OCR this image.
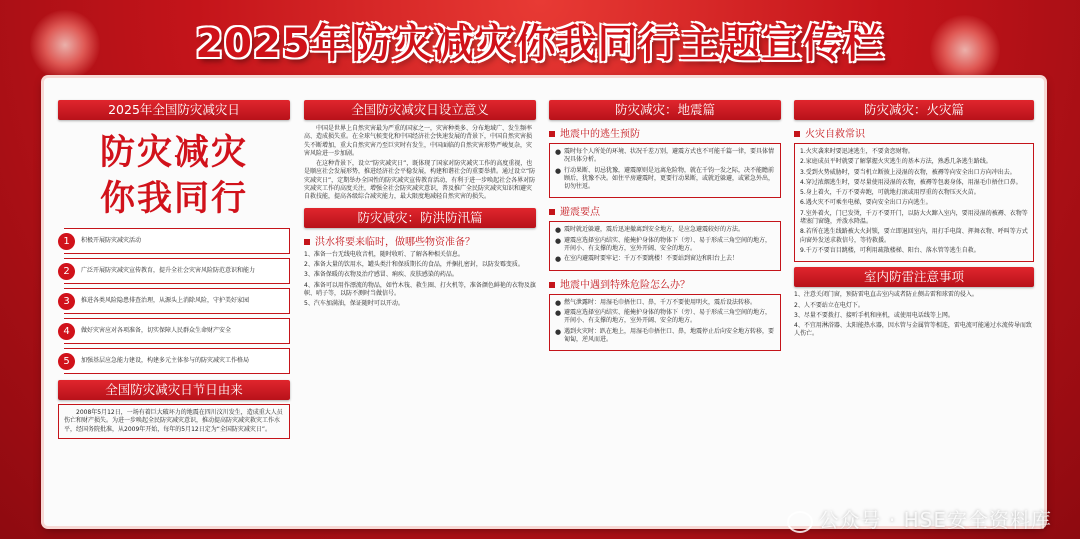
2025年防灾减灾你我同行主题宣传栏
2025年全国防灾减灾日
防灾减灾
你我同行
1	积极开展防灾减灾活动
2	广泛开展防灾减灾宣传教育，提升全社会灾害风险防范意识和能力
3	推进各类风险隐患排查治理，从源头上消除风险，守护美好家园
4	做好灾害应对各项准备，切实保障人民群众生命财产安全
5	加强基层应急能力建设，构建多元主体参与的防灾减灾工作格局
全国防灾减灾日节日由来
2008年5月12日，一场有着巨大破坏力的地震在四川汶川发生，造成重大人员伤亡和财产损失。为进一步唤起全民防灾减灾意识，推动提高防灾减灾救灾工作水平，经国务院批准，从2009年开始，每年的5月12日定为“全国防灾减灾日”。
全国防灾减灾日设立意义

中国是世界上自然灾害最为严重的国家之一，灾害种类多、分布地域广、发生频率高、造成损失重。在全球气候变化和中国经济社会快速发展的背景下，中国自然灾害损失不断增加，重大自然灾害乃至巨灾时有发生，中国面临的自然灾害形势严峻复杂，灾害风险进一步加剧。

在这种背景下，设立“防灾减灾日”，既体现了国家对防灾减灾工作的高度重视，也是顺应社会发展形势，推进经济社会平稳发展，构建和谐社会的重要举措。通过设立“防灾减灾日”，定期举办全国性的防灾减灾宣传教育活动，有利于进一步唤起社会各界对防灾减灾工作的高度关注，增强全社会防灾减灾意识，普及推广全民防灾减灾知识和避灾自救技能，提高各级综合减灾能力，最大限度地减轻自然灾害的损失。

防灾减灾：防洪防汛篇
洪水将要来临时，做哪些物资准备？

1、准备一台无线电收音机，随时收听、了解各种相关信息。

2、准备大量的饮用水，罐头类汁和保质期长的食品，并捆扎密封，以防发霉变质。

3、准备保暖的衣物及治疗感冒、痢疾、皮肤感染的药品。

4、准备可以用作漂流的物品，如竹木筏、救生圈、打火机等，准备颜色鲜艳的衣物及旗帜、哨子等，以防不测时当做信号。

5、汽车加满油，保证随时可以开动。

防灾减灾：地震篇
地震中的逃生预防

● 震时每个人所处的环境、状况千差万别，避震方式也不可能千篇一律，要具体情况具体分析。

● 行动果断、切忌犹豫，避震原则是远离危险物，就在千钧一发之际，决不能瞻前顾后，犹豫不决。如住平房避震时，更要行动果断，或就近躲避，或紧急外出，切勿往返。

避震要点

● 震时就近躲避，震后迅速撤离到安全地方，是应急避震较好的方法。

● 避震应选择室内结实、能掩护身体的物体下（旁）、易于形成三角空间的地方，开间小、有支撑的地方，室外开阔、安全的地方。

● 在室内避震时要牢记：千万不要跳楼！不要站到窗边和阳台上去！

地震中遇到特殊危险怎么办？

● 燃气泄露时：用湿毛巾捂住口、鼻，千万不要使用明火，震后设法转移。

● 避震应选择室内结实、能掩护身体的物体下（旁）、易于形成三角空间的地方，开间小、有支撑的地方，室外开阔、安全的地方。

● 遇到火灾时：趴在地上，用湿毛巾捂住口、鼻，地震停止后向安全地方转移，要匍匐，逆风而进。

防灾减灾：火灾篇
火灾自救常识

1.火灾袭来时要迅速逃生，不要贪恋财物。

2.家庭成员平时就要了解掌握火灾逃生的基本方法，熟悉几条逃生路线。

3.受到火势威胁时，要当机立断披上浸湿的衣物，被褥等向安全出口方向冲出去。

4.穿过浓烟逃生时，要尽量使用浸湿的衣物，被褥等包裹身体，用湿毛巾捂住口鼻。

5.身上着火，千万不要奔跑，可就地打滚或用厚重的衣物压灭火苗。

6.遇火灾不可乘坐电梯，要向安全出口方向逃生。

7.室外着火，门已发烫，千万不要开门，以防大火蹿入室内，要用浸湿的被褥、衣物等堵塞门窗缝，并泼水降温。

8.若所在逃生线路被大火封锁，要立即退回室内，用打手电筒、挥舞衣物、呼叫等方式向窗外发送求救信号，等待救援。

9.千万不要盲目跳楼，可利用疏散楼梯、阳台、落水管等逃生自救。

室内防雷注意事项

1、注意关闭门窗，预防雷电直击室内或者防止侧击雷和球雷的侵入。

2、人不要站立在电灯下。

3、尽量不要拨打、接听手机和座机，或使用电话线等上网。

4、不宜用淋浴器、太阳能热水器，因水管与金属管等相连，雷电流可能通过水流传导而致人伤亡。

公众号 · HSE安全资料库
